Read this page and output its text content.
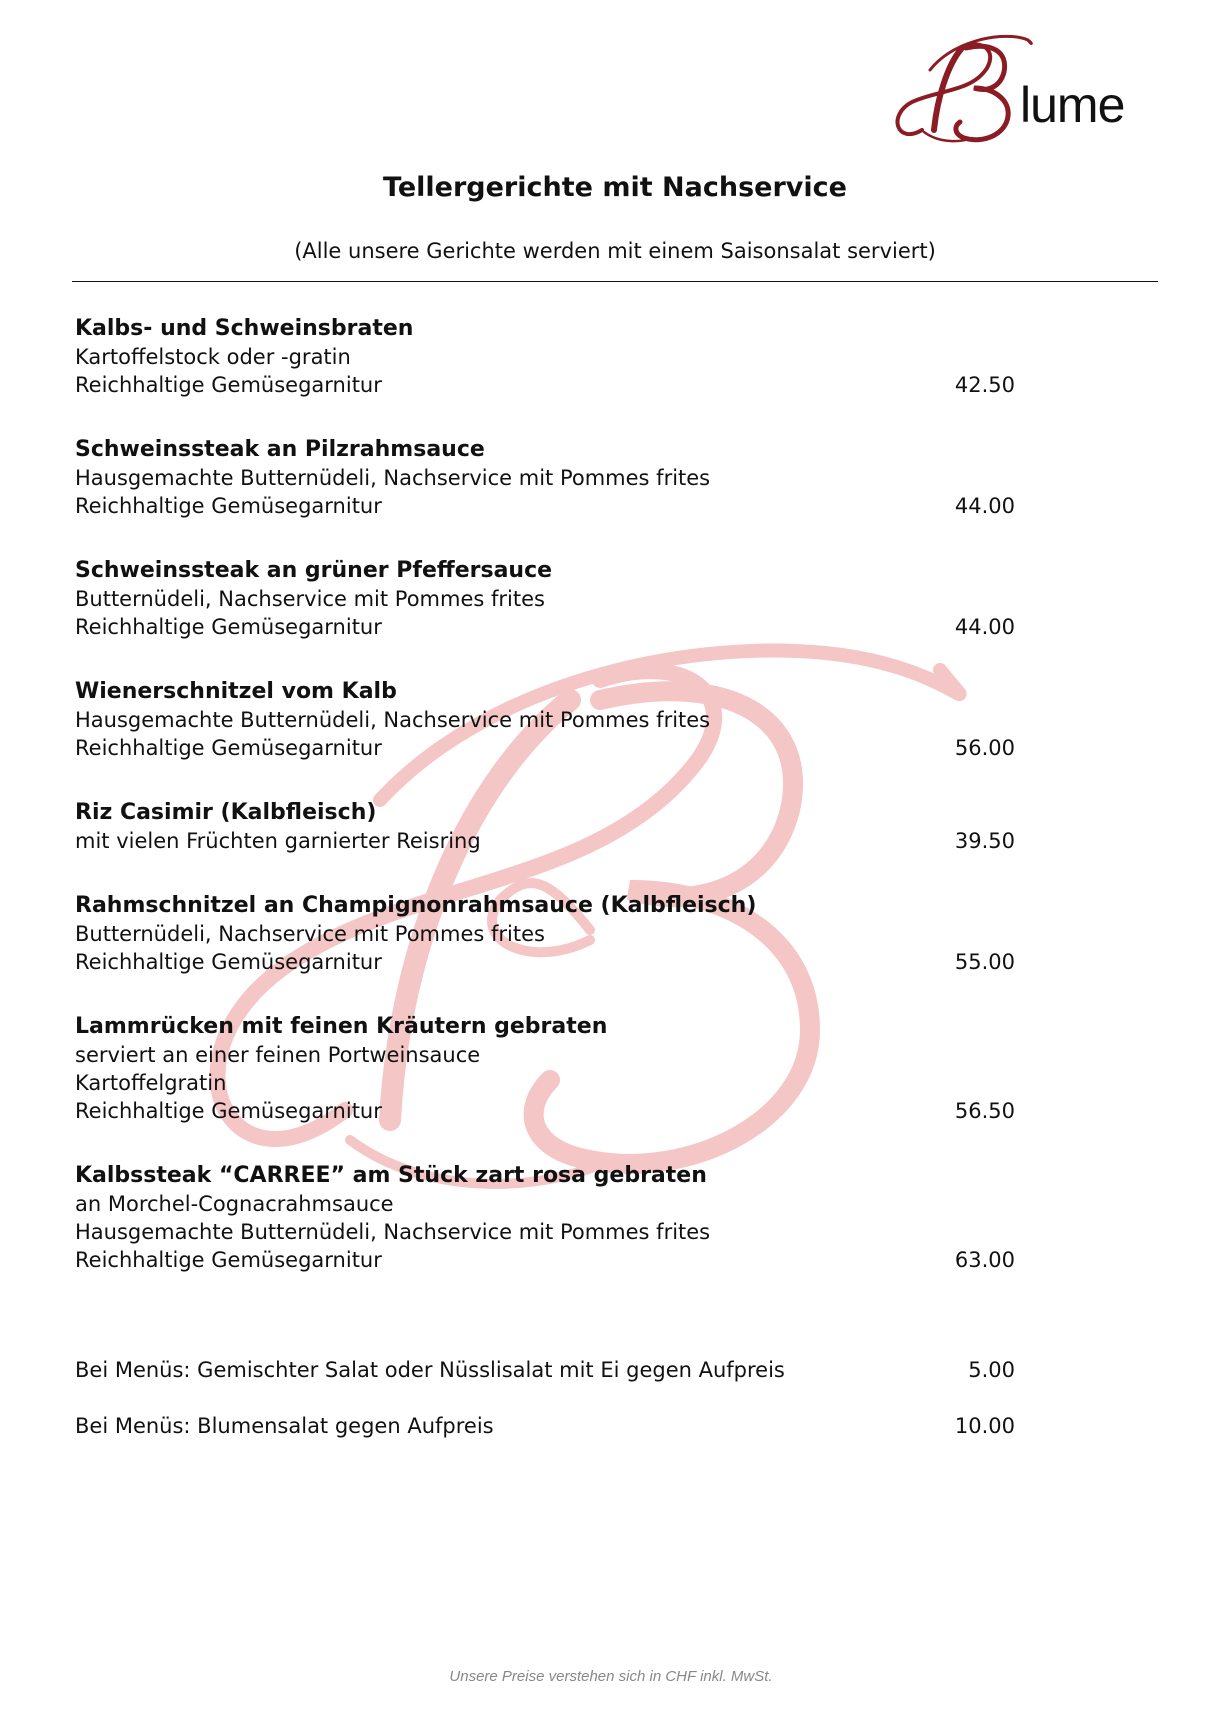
lume
Tellergerichte mit Nachservice
(Alle unsere Gerichte werden mit einem Saisonsalat serviert)
Kalbs- und Schweinsbraten
Kartoffelstock oder -gratin
Reichhaltige Gemüsegarnitur	42.50
Schweinssteak an Pilzrahmsauce
Hausgemachte Butternüdeli, Nachservice mit Pommes frites
Reichhaltige Gemüsegarnitur	44.00
Schweinssteak an grüner Pfeffersauce
Butternüdeli, Nachservice mit Pommes frites
Reichhaltige Gemüsegarnitur	44.00
Wienerschnitzel vom Kalb
Hausgemachte Butternüdeli, Nachservice mit Pommes frites
Reichhaltige Gemüsegarnitur	56.00
Riz Casimir (Kalbfleisch)
mit vielen Früchten garnierter Reisring	39.50
Rahmschnitzel an Champignonrahmsauce (Kalbfleisch)
Butternüdeli, Nachservice mit Pommes frites
Reichhaltige Gemüsegarnitur	55.00
Lammrücken mit feinen Kräutern gebraten
serviert an einer feinen Portweinsauce
Kartoffelgratin
Reichhaltige Gemüsegarnitur	56.50
Kalbssteak “CARREE” am Stück zart rosa gebraten
an Morchel-Cognacrahmsauce
Hausgemachte Butternüdeli, Nachservice mit Pommes frites
Reichhaltige Gemüsegarnitur	63.00
Bei Menüs: Gemischter Salat oder Nüsslisalat mit Ei gegen Aufpreis	5.00
Bei Menüs: Blumensalat gegen Aufpreis	10.00
Unsere Preise verstehen sich in CHF inkl. MwSt.
